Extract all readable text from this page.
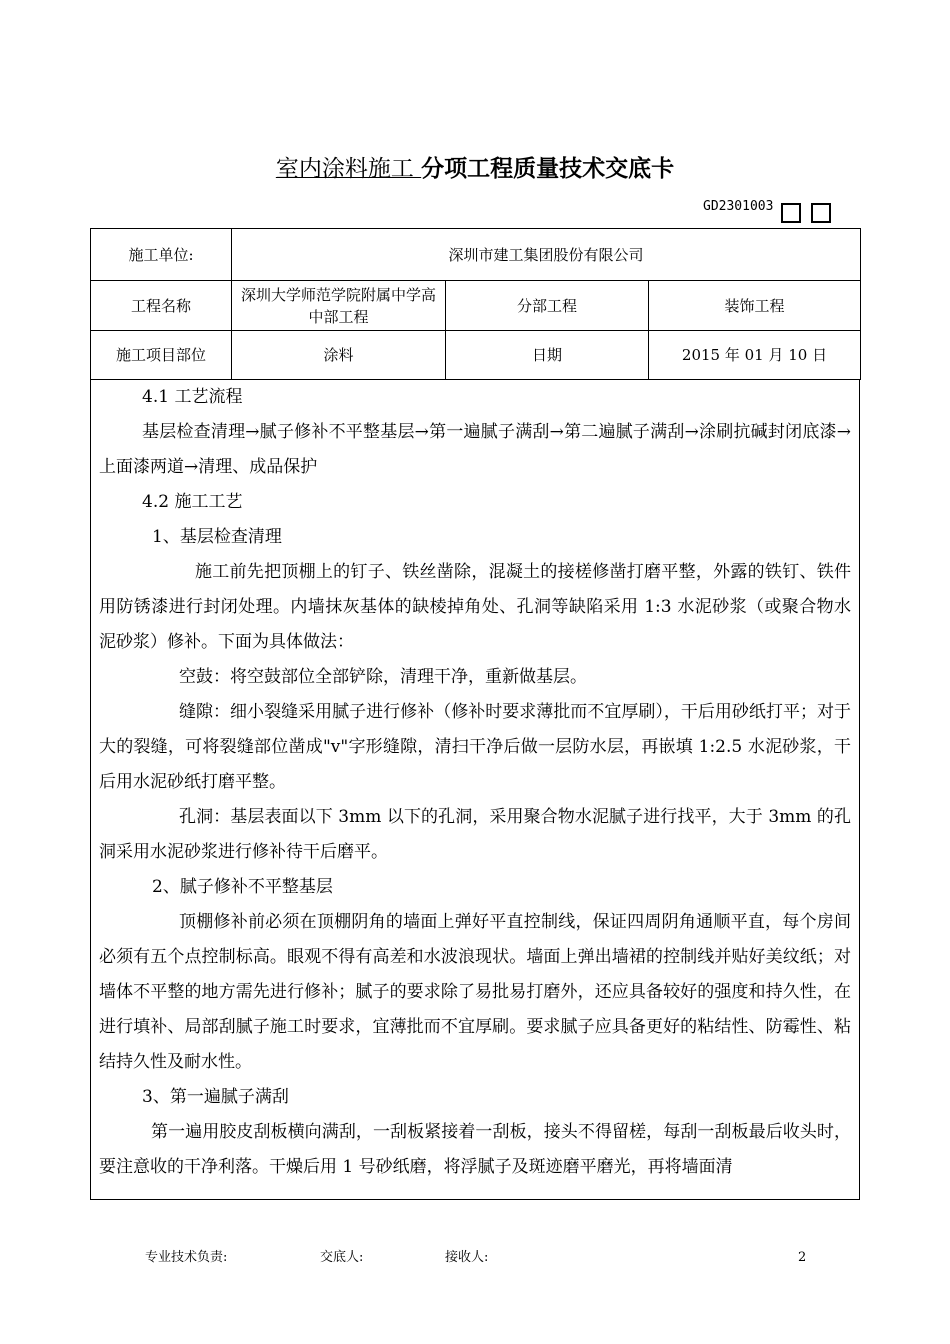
室内涂料施工 分项工程质量技术交底卡
GD2301003
施工单位:	深圳市建工集团股份有限公司		
工程名称	深圳大学师范学院附属中学高中部工程	分部工程	装饰工程
施工项目部位	涂料	日期	2015 年 01 月 10 日

4.1 工艺流程

基层检查清理→腻子修补不平整基层→第一遍腻子满刮→第二遍腻子满刮→涂刷抗碱封闭底漆→上面漆两道→清理、成品保护

4.2 施工工艺

1、基层检查清理

施工前先把顶棚上的钉子、铁丝凿除，混凝土的接槎修凿打磨平整，外露的铁钉、铁件用防锈漆进行封闭处理。内墙抹灰基体的缺棱掉角处、孔洞等缺陷采用 1:3 水泥砂浆（或聚合物水泥砂浆）修补。下面为具体做法：

空鼓：将空鼓部位全部铲除，清理干净，重新做基层。

缝隙：细小裂缝采用腻子进行修补（修补时要求薄批而不宜厚刷），干后用砂纸打平；对于大的裂缝，可将裂缝部位凿成"v"字形缝隙，清扫干净后做一层防水层，再嵌填 1:2.5 水泥砂浆，干后用水泥砂纸打磨平整。

孔洞：基层表面以下 3mm 以下的孔洞，采用聚合物水泥腻子进行找平，大于 3mm 的孔洞采用水泥砂浆进行修补待干后磨平。

2、腻子修补不平整基层

顶棚修补前必须在顶棚阴角的墙面上弹好平直控制线，保证四周阴角通顺平直，每个房间必须有五个点控制标高。眼观不得有高差和水波浪现状。墙面上弹出墙裙的控制线并贴好美纹纸；对墙体不平整的地方需先进行修补；腻子的要求除了易批易打磨外，还应具备较好的强度和持久性，在进行填补、局部刮腻子施工时要求，宜薄批而不宜厚刷。要求腻子应具备更好的粘结性、防霉性、粘结持久性及耐水性。

3、第一遍腻子满刮

第一遍用胶皮刮板横向满刮，一刮板紧接着一刮板，接头不得留槎，每刮一刮板最后收头时，要注意收的干净利落。干燥后用 1 号砂纸磨，将浮腻子及斑迹磨平磨光，再将墙面清

专业技术负责:	交底人:	接收人:	2
